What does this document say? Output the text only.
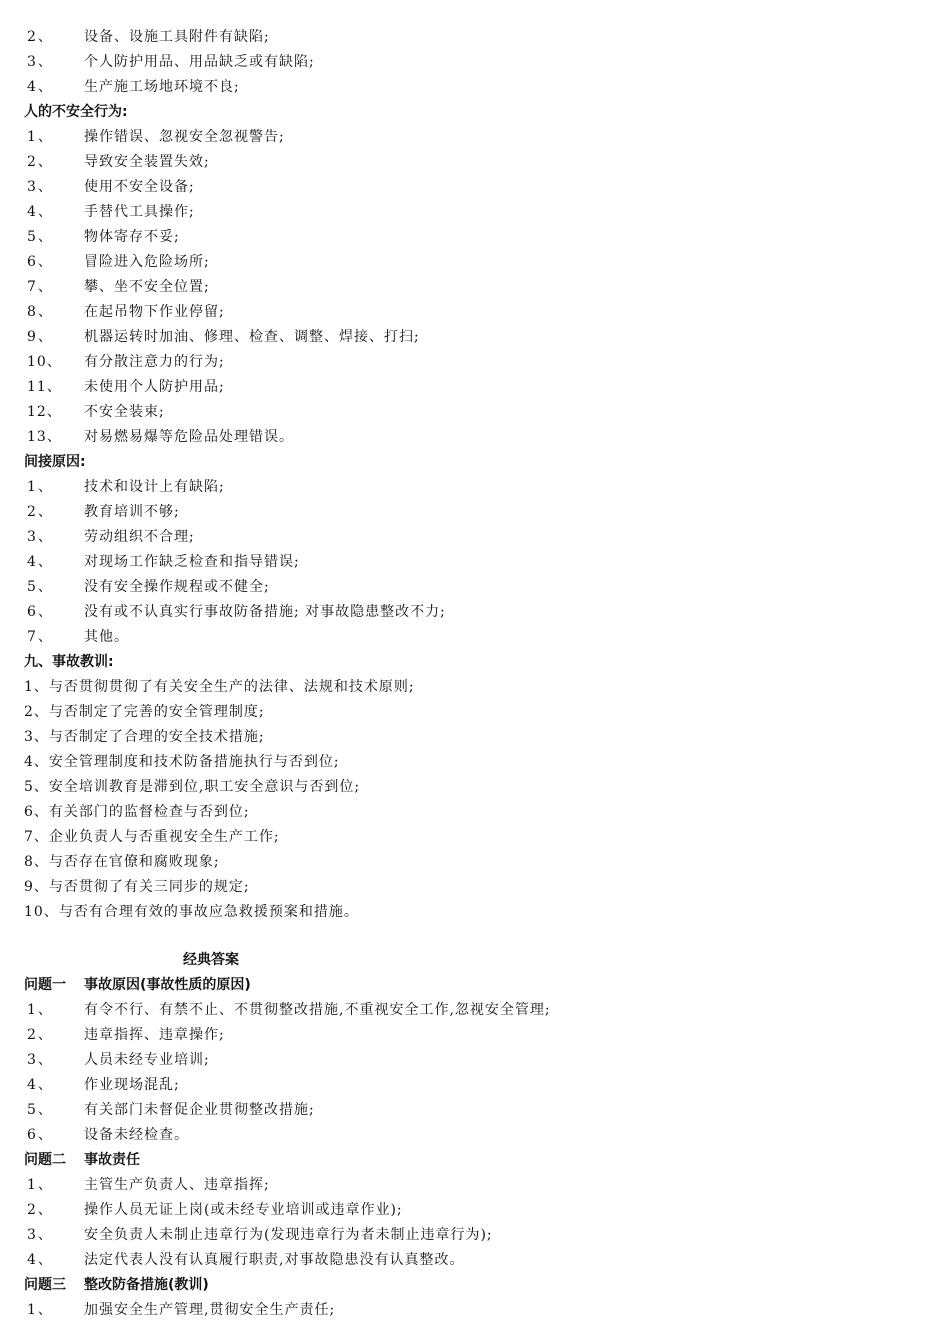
2、 设备、设施工具附件有缺陷;
3、 个人防护用品、用品缺乏或有缺陷;
4、 生产施工场地环境不良;
人的不安全行为:
1、 操作错误、忽视安全忽视警告;
2、 导致安全装置失效;
3、 使用不安全设备;
4、 手替代工具操作;
5、 物体寄存不妥;
6、 冒险进入危险场所;
7、 攀、坐不安全位置;
8、 在起吊物下作业停留;
9、 机器运转时加油、修理、检查、调整、焊接、打扫;
10、 有分散注意力的行为;
11、 未使用个人防护用品;
12、 不安全装束;
13、 对易燃易爆等危险品处理错误。
间接原因:
1、 技术和设计上有缺陷;
2、 教育培训不够;
3、 劳动组织不合理;
4、 对现场工作缺乏检查和指导错误;
5、 没有安全操作规程或不健全;
6、 没有或不认真实行事故防备措施; 对事故隐患整改不力;
7、 其他。
九、事故教训:
1、与否贯彻贯彻了有关安全生产的法律、法规和技术原则;
2、与否制定了完善的安全管理制度;
3、与否制定了合理的安全技术措施;
4、安全管理制度和技术防备措施执行与否到位;
5、安全培训教育是滞到位,职工安全意识与否到位;
6、有关部门的监督检查与否到位;
7、企业负责人与否重视安全生产工作;
8、与否存在官僚和腐败现象;
9、与否贯彻了有关三同步的规定;
10、与否有合理有效的事故应急救援预案和措施。
经典答案
问题一 事故原因(事故性质的原因)
1、 有令不行、有禁不止、不贯彻整改措施,不重视安全工作,忽视安全管理;
2、 违章指挥、违章操作;
3、 人员未经专业培训;
4、 作业现场混乱;
5、 有关部门未督促企业贯彻整改措施;
6、 设备未经检查。
问题二 事故责任
1、 主管生产负责人、违章指挥;
2、 操作人员无证上岗(或未经专业培训或违章作业);
3、 安全负责人未制止违章行为(发现违章行为者未制止违章行为);
4、 法定代表人没有认真履行职责,对事故隐患没有认真整改。
问题三 整改防备措施(教训)
1、 加强安全生产管理,贯彻安全生产责任;
